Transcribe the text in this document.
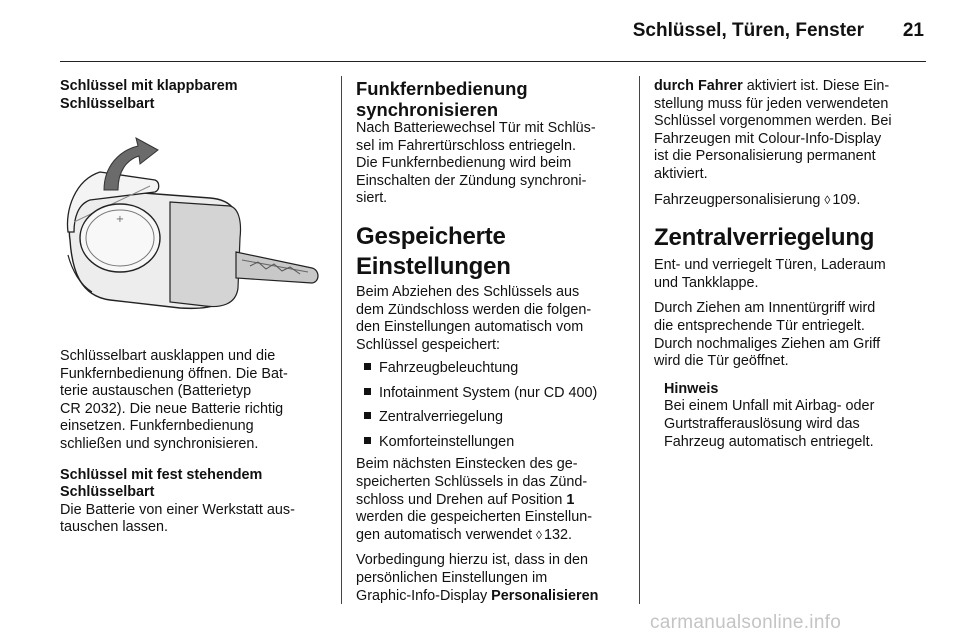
Schlüssel, Türen, Fenster 21
Schlüssel mit klappbarem
Schlüsselbart
+
Schlüsselbart ausklappen und die
Funkfernbedienung öffnen. Die Bat-
terie austauschen (Batterietyp
CR 2032). Die neue Batterie richtig
einsetzen. Funkfernbedienung
schließen und synchronisieren.
Schlüssel mit fest stehendem
Schlüsselbart
Die Batterie von einer Werkstatt aus-
tauschen lassen.
Funkfernbedienung
synchronisieren
Nach Batteriewechsel Tür mit Schlüs-
sel im Fahrertürschloss entriegeln.
Die Funkfernbedienung wird beim
Einschalten der Zündung synchroni-
siert.
Gespeicherte
Einstellungen
Beim Abziehen des Schlüssels aus
dem Zündschloss werden die folgen-
den Einstellungen automatisch vom
Schlüssel gespeichert:
Fahrzeugbeleuchtung
Infotainment System (nur CD 400)
Zentralverriegelung
Komforteinstellungen
Beim nächsten Einstecken des ge-
speicherten Schlüssels in das Zünd-
schloss und Drehen auf Position 1
werden die gespeicherten Einstellun-
gen automatisch verwendet ◊ 132.
Vorbedingung hierzu ist, dass in den
persönlichen Einstellungen im
Graphic-Info-Display Personalisieren
durch Fahrer aktiviert ist. Diese Ein-
stellung muss für jeden verwendeten
Schlüssel vorgenommen werden. Bei
Fahrzeugen mit Colour-Info-Display
ist die Personalisierung permanent
aktiviert.
Fahrzeugpersonalisierung ◊ 109.
Zentralverriegelung
Ent- und verriegelt Türen, Laderaum
und Tankklappe.
Durch Ziehen am Innentürgriff wird
die entsprechende Tür entriegelt.
Durch nochmaliges Ziehen am Griff
wird die Tür geöffnet.
Hinweis
Bei einem Unfall mit Airbag- oder
Gurtstrafferauslösung wird das
Fahrzeug automatisch entriegelt.
carmanualsonline.info
